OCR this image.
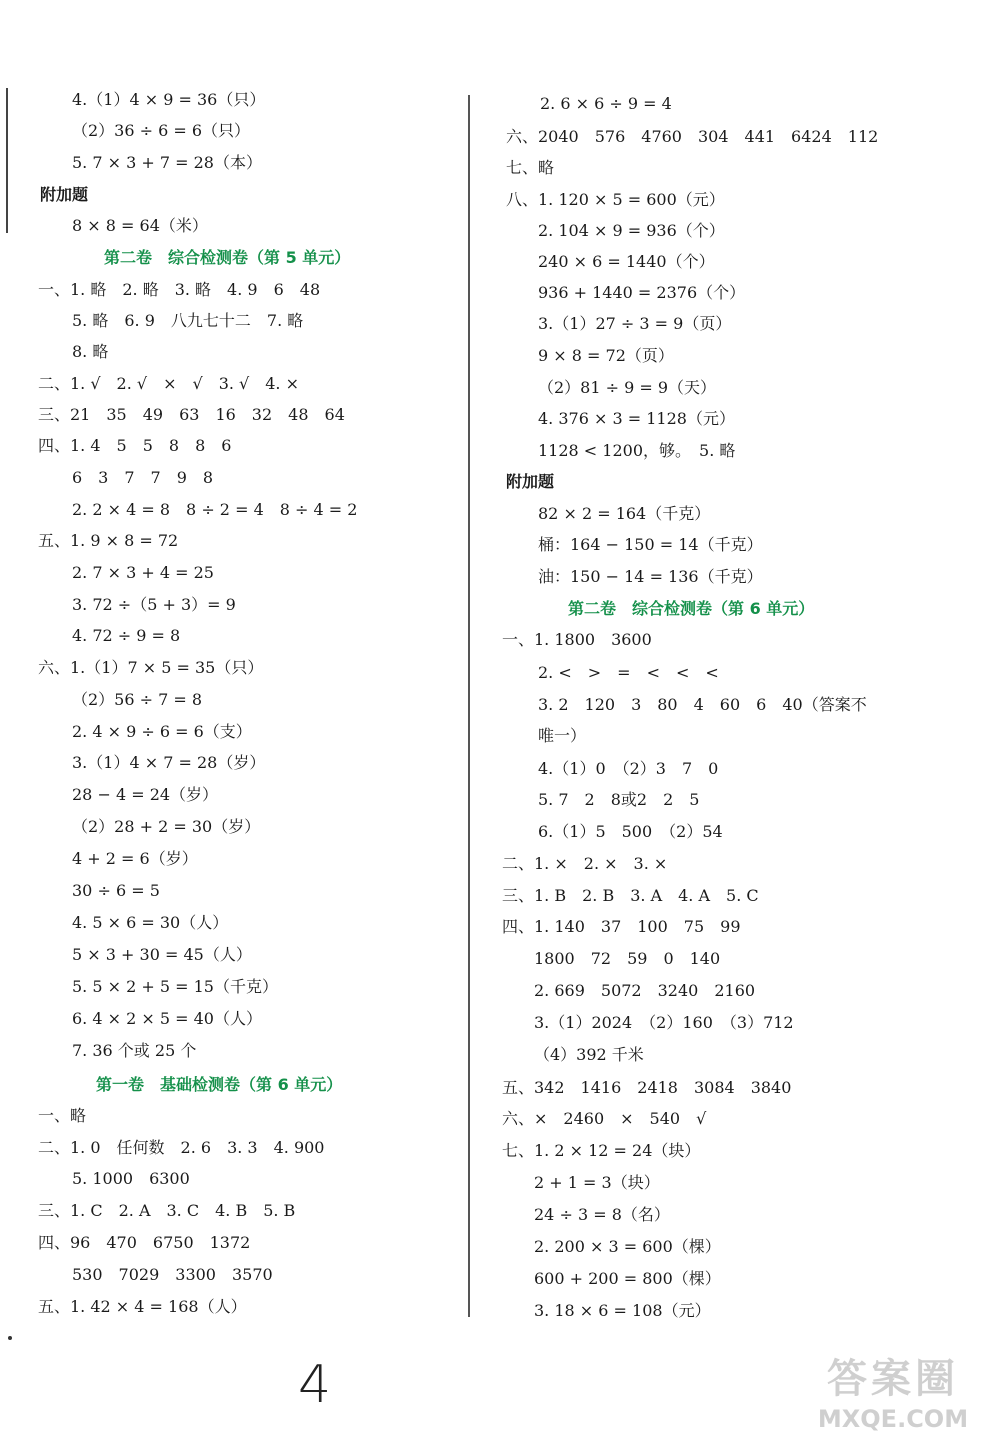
4.（1）4 × 9 = 36（只）
（2）36 ÷ 6 = 6（只）
5. 7 × 3 + 7 = 28（本）
附加题
8 × 8 = 64（米）
第二卷　综合检测卷（第 5 单元）
一、1. 略　2. 略　3. 略　4. 9　6　48
5. 略　6. 9　八九七十二　7. 略
8. 略
二、1. √　2. √　×　√　3. √　4. ×
三、21　35　49　63　16　32　48　64
四、1. 4　5　5　8　8　6
6　3　7　7　9　8
2. 2 × 4 = 8　8 ÷ 2 = 4　8 ÷ 4 = 2
五、1. 9 × 8 = 72
2. 7 × 3 + 4 = 25
3. 72 ÷（5 + 3）= 9
4. 72 ÷ 9 = 8
六、1.（1）7 × 5 = 35（只）
（2）56 ÷ 7 = 8
2. 4 × 9 ÷ 6 = 6（支）
3.（1）4 × 7 = 28（岁）
28 − 4 = 24（岁）
（2）28 + 2 = 30（岁）
4 + 2 = 6（岁）
30 ÷ 6 = 5
4. 5 × 6 = 30（人）
5 × 3 + 30 = 45（人）
5. 5 × 2 + 5 = 15（千克）
6. 4 × 2 × 5 = 40（人）
7. 36 个或 25 个
第一卷　基础检测卷（第 6 单元）
一、略
二、1. 0　任何数　2. 6　3. 3　4. 900
5. 1000　6300
三、1. C　2. A　3. C　4. B　5. B
四、96　470　6750　1372
530　7029　3300　3570
五、1. 42 × 4 = 168（人）
2. 6 × 6 ÷ 9 = 4
六、2040　576　4760　304　441　6424　112
七、略
八、1. 120 × 5 = 600（元）
2. 104 × 9 = 936（个）
240 × 6 = 1440（个）
936 + 1440 = 2376（个）
3.（1）27 ÷ 3 = 9（页）
9 × 8 = 72（页）
（2）81 ÷ 9 = 9（天）
4. 376 × 3 = 1128（元）
1128 < 1200，够。　5. 略
附加题
82 × 2 = 164（千克）
桶：164 − 150 = 14（千克）
油：150 − 14 = 136（千克）
第二卷　综合检测卷（第 6 单元）
一、1. 1800　3600
2. <　>　=　<　<　<
3. 2　120　3　80　4　60　6　40（答案不
唯一）
4.（1）0　（2）3　7　0
5. 7　2　8或2　2　5
6.（1）5　500　（2）54
二、1. ×　2. ×　3. ×
三、1. B　2. B　3. A　4. A　5. C
四、1. 140　37　100　75　99
1800　72　59　0　140
2. 669　5072　3240　2160
3.（1）2024　（2）160　（3）712
（4）392 千米
五、342　1416　2418　3084　3840
六、×　2460　×　540　√
七、1. 2 × 12 = 24（块）
2 + 1 = 3（块）
24 ÷ 3 = 8（名）
2. 200 × 3 = 600（棵）
600 + 200 = 800（棵）
3. 18 × 6 = 108（元）
4	答案圈
MXQE.COM
